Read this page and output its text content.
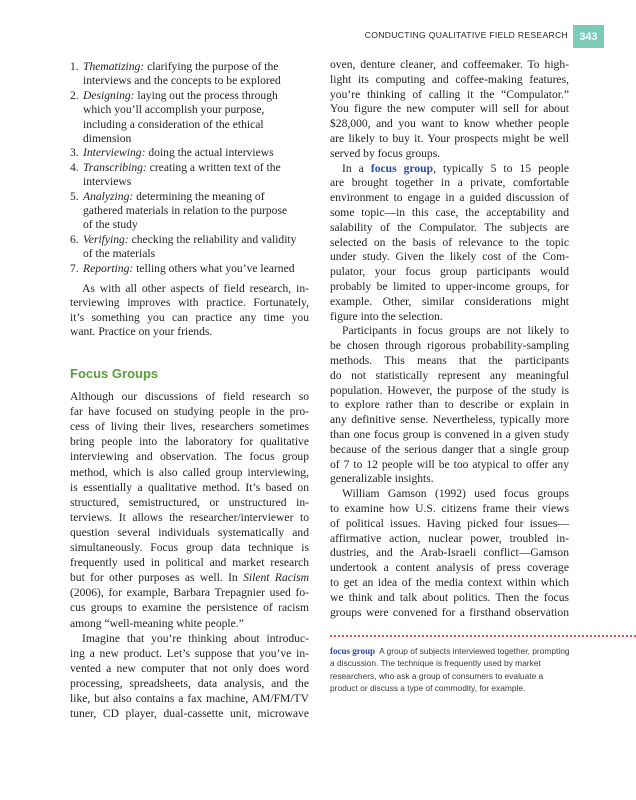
CONDUCTING QUALITATIVE FIELD RESEARCH	343
Focus Groups
1. Thematizing: clarifying the purpose of the
interviews and the concepts to be explored
2. Designing: laying out the process through
which you’ll accomplish your purpose,
including a consideration of the ethical
dimension
3. Interviewing: doing the actual interviews
4. Transcribing: creating a written text of the
interviews
5. Analyzing: determining the meaning of
gathered materials in relation to the purpose
of the study
6. Verifying: checking the reliability and validity
of the materials
7. Reporting: telling others what you’ve learned
As with all other aspects of field research, in-
terviewing improves with practice. Fortunately,
it’s something you can practice any time you
want. Practice on your friends.
Although our discussions of field research so
far have focused on studying people in the pro-
cess of living their lives, researchers sometimes
bring people into the laboratory for qualitative
interviewing and observation. The focus group
method, which is also called group interviewing,
is essentially a qualitative method. It’s based on
structured, semistructured, or unstructured in-
terviews. It allows the researcher/interviewer to
question several individuals systematically and
simultaneously. Focus group data technique is
frequently used in political and market research
but for other purposes as well. In Silent Racism
(2006), for example, Barbara Trepagnier used fo-
cus groups to examine the persistence of racism
among “well-meaning white people.”
Imagine that you’re thinking about introduc-
ing a new product. Let’s suppose that you’ve in-
vented a new computer that not only does word
processing, spreadsheets, data analysis, and the
like, but also contains a fax machine, AM/FM/TV
tuner, CD player, dual-cassette unit, microwave
oven, denture cleaner, and coffeemaker. To high-
light its computing and coffee-making features,
you’re thinking of calling it the “Compulator.”
You figure the new computer will sell for about
$28,000, and you want to know whether people
are likely to buy it. Your prospects might be well
served by focus groups.
In a focus group, typically 5 to 15 people
are brought together in a private, comfortable
environment to engage in a guided discussion of
some topic—in this case, the acceptability and
salability of the Compulator. The subjects are
selected on the basis of relevance to the topic
under study. Given the likely cost of the Com-
pulator, your focus group participants would
probably be limited to upper-income groups, for
example. Other, similar considerations might
figure into the selection.
Participants in focus groups are not likely to
be chosen through rigorous probability-sampling
methods. This means that the participants
do not statistically represent any meaningful
population. However, the purpose of the study is
to explore rather than to describe or explain in
any definitive sense. Nevertheless, typically more
than one focus group is convened in a given study
because of the serious danger that a single group
of 7 to 12 people will be too atypical to offer any
generalizable insights.
William Gamson (1992) used focus groups
to examine how U.S. citizens frame their views
of political issues. Having picked four issues—
affirmative action, nuclear power, troubled in-
dustries, and the Arab-Israeli conflict—Gamson
undertook a content analysis of press coverage
to get an idea of the media context within which
we think and talk about politics. Then the focus
groups were convened for a firsthand observation
focus group A group of subjects interviewed together, prompting a discussion. The technique is frequently used by market researchers, who ask a group of consumers to evaluate a product or discuss a type of commodity, for example.
